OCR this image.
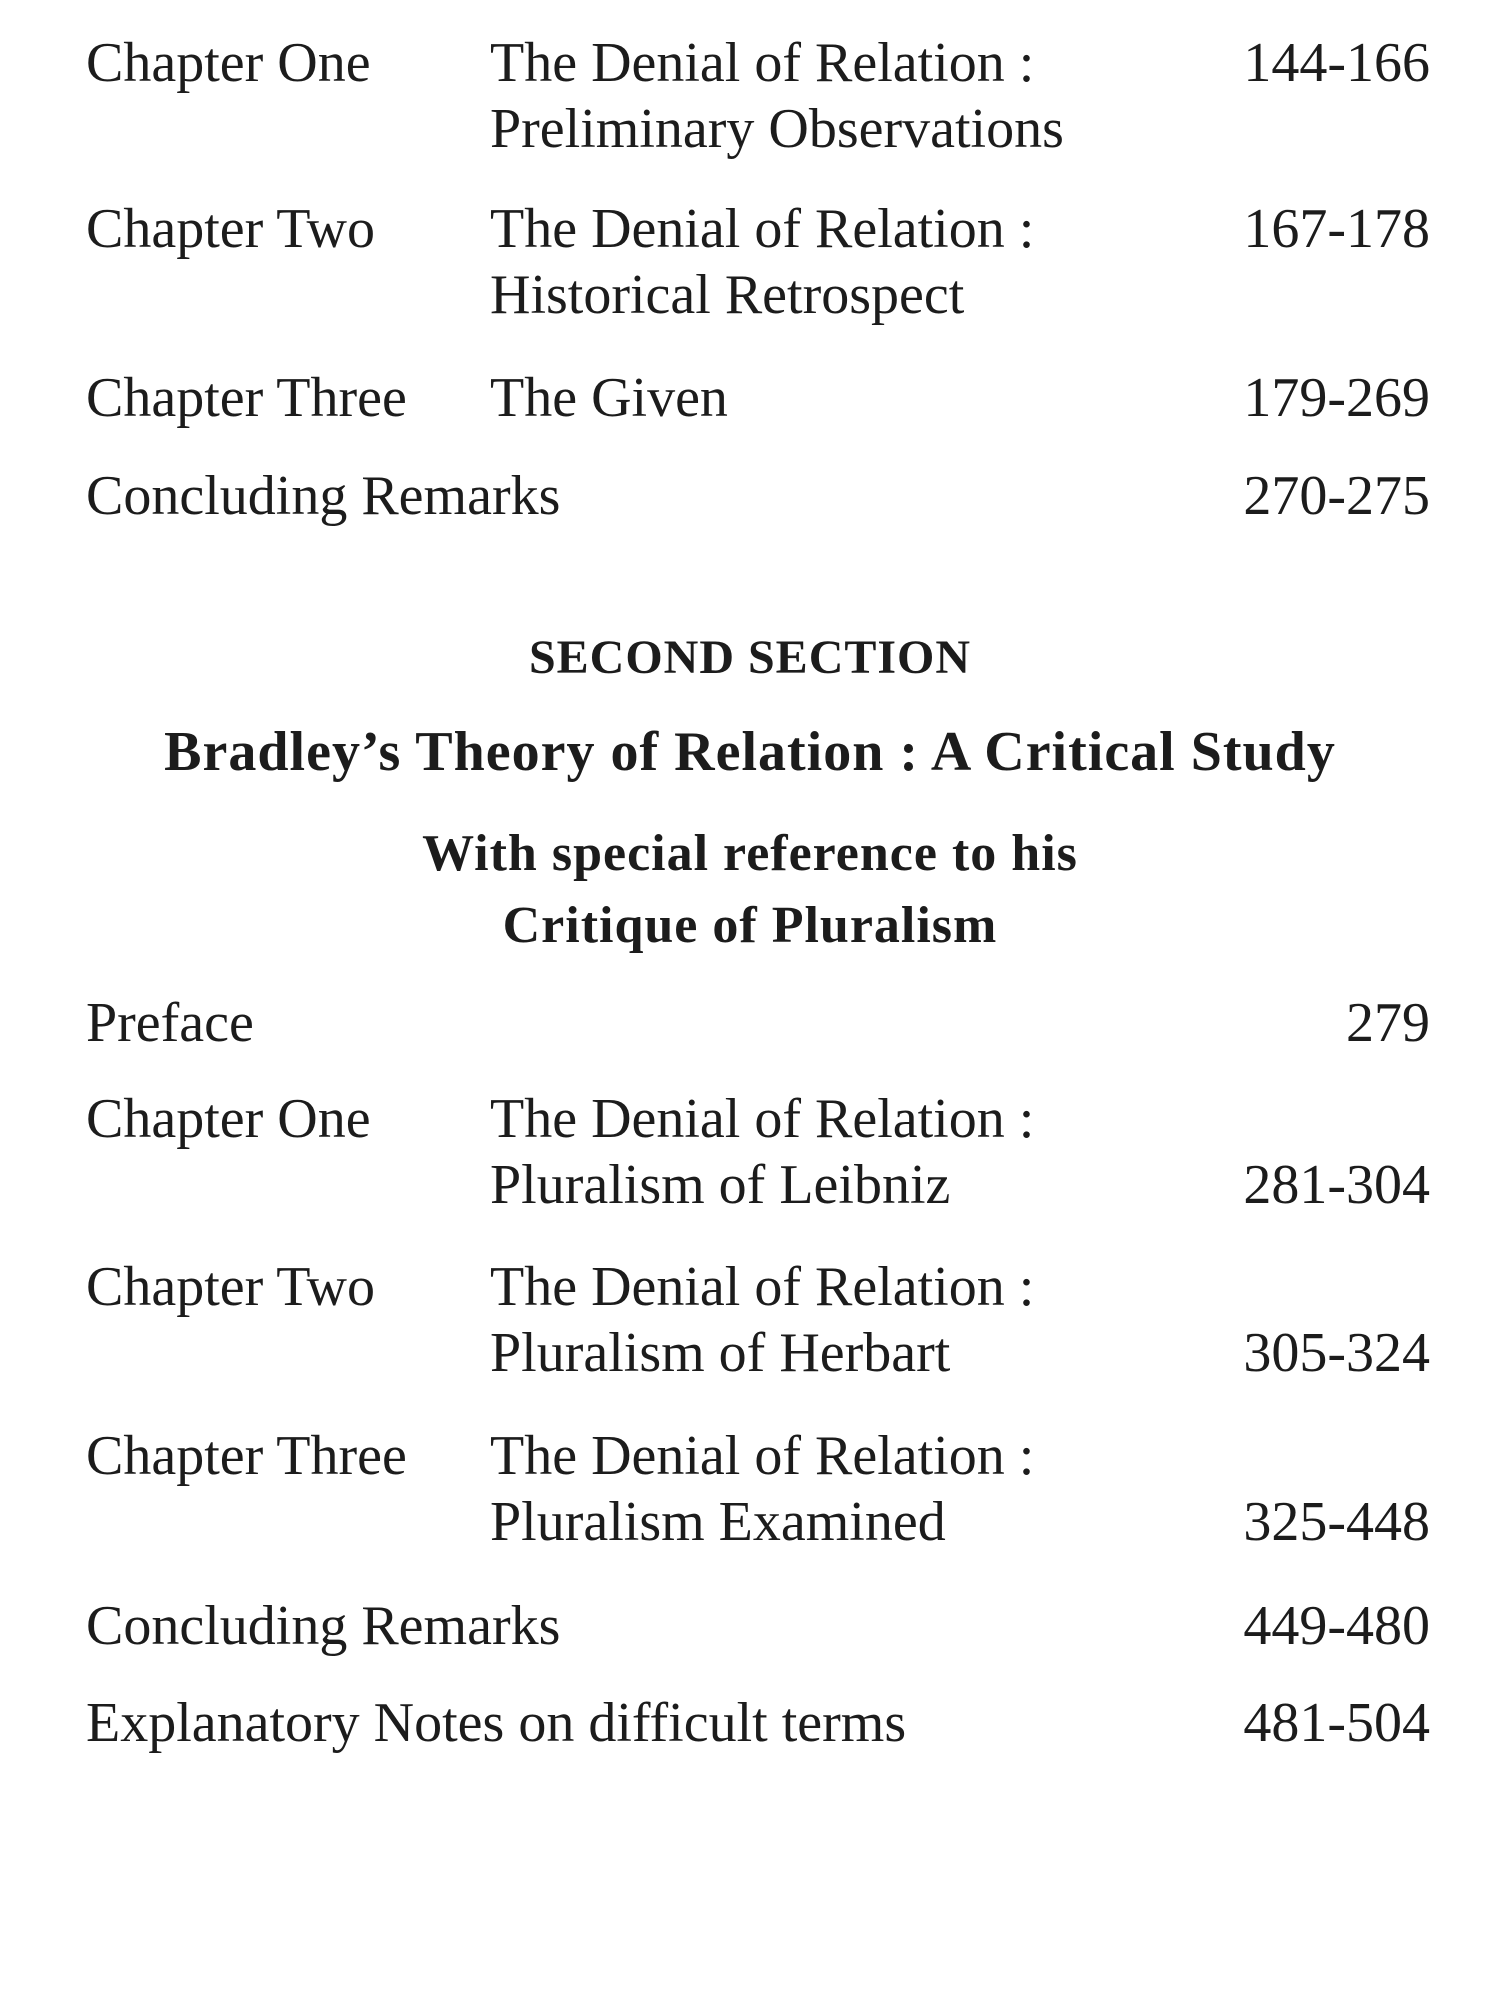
Chapter One The Denial of Relation :
Preliminary Observations
144-166
Chapter Two The Denial of Relation :
Historical Retrospect
167-178
Chapter Three The Given	179-269
Concluding Remarks	270-275
SECOND SECTION
Bradley’s Theory of Relation : A Critical Study
With special reference to his
Critique of Pluralism
Preface	279
Chapter One The Denial of Relation :
Pluralism of Leibniz	281-304
Chapter Two The Denial of Relation :
Pluralism of Herbart	305-324
Chapter Three The Denial of Relation :
Pluralism Examined	325-448
Concluding Remarks	449-480
Explanatory Notes on difficult terms	481-504
